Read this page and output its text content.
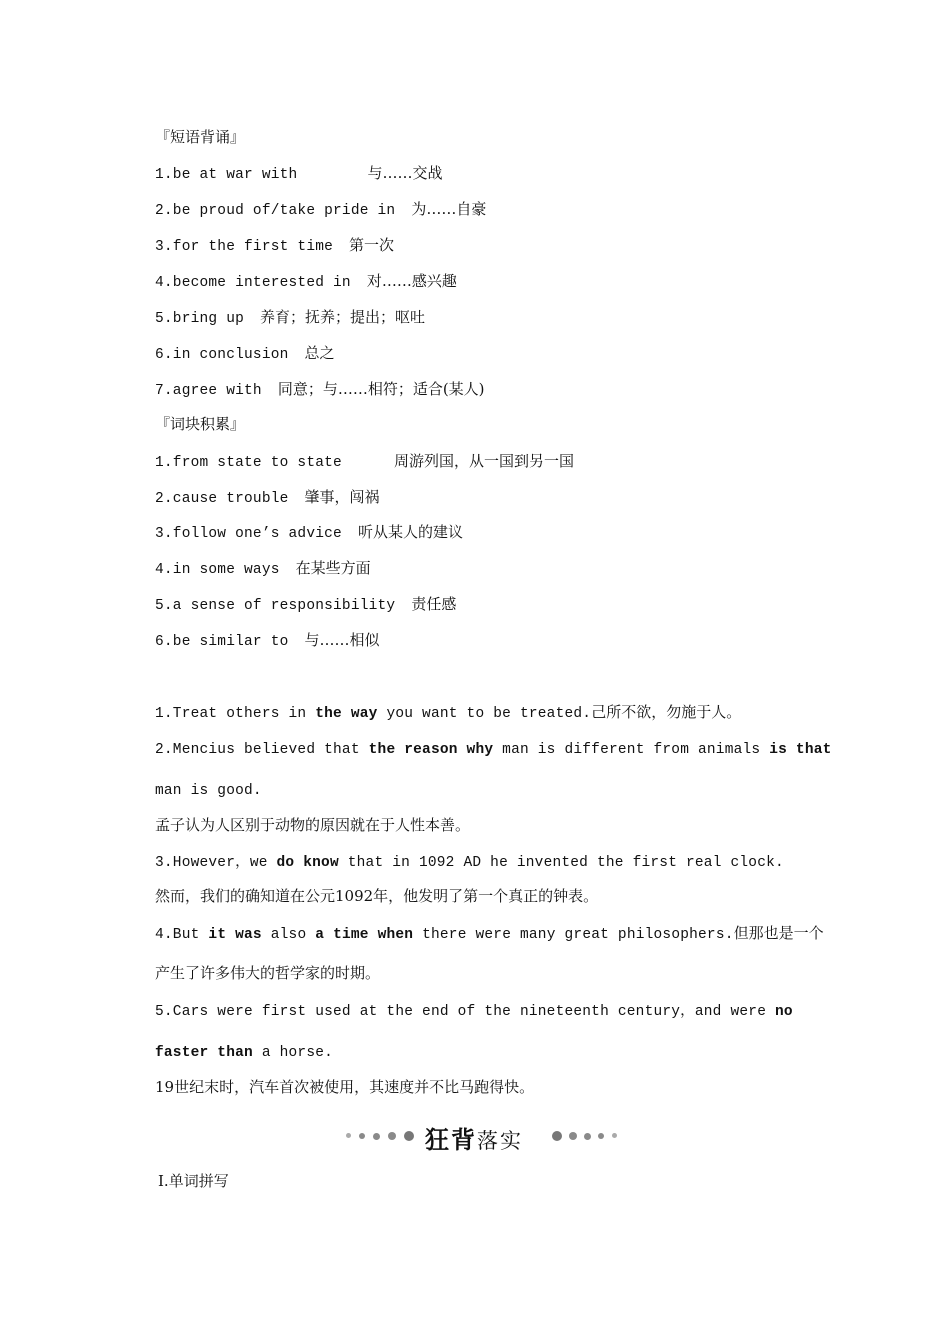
『短语背诵』
1.be at war with	与……交战
2.be proud of/take pride in 为……自豪
3.for the first time 第一次
4.become interested in 对……感兴趣
5.bring up 养育；抚养；提出；呕吐
6.in conclusion 总之
7.agree with 同意；与……相符；适合(某人)
『词块积累』
1.from state to state	周游列国，从一国到另一国
2.cause trouble 肇事，闯祸
3.follow one’s advice 听从某人的建议
4.in some ways 在某些方面
5.a sense of responsibility 责任感
6.be similar to 与……相似
1.Treat others in the way you want to be treated.己所不欲，勿施于人。
2.Mencius believed that the reason why man is different from animals is that
man is good.
孟子认为人区别于动物的原因就在于人性本善。
3.However，we do know that in 1092 AD he invented the first real clock.
然而，我们的确知道在公元1092年，他发明了第一个真正的钟表。
4.But it was also a time when there were many great philosophers.但那也是一个
产生了许多伟大的哲学家的时期。
5.Cars were first used at the end of the nineteenth century，and were no
faster than a horse.
19世纪末时，汽车首次被使用，其速度并不比马跑得快。
狂背落实
Ⅰ.单词拼写
